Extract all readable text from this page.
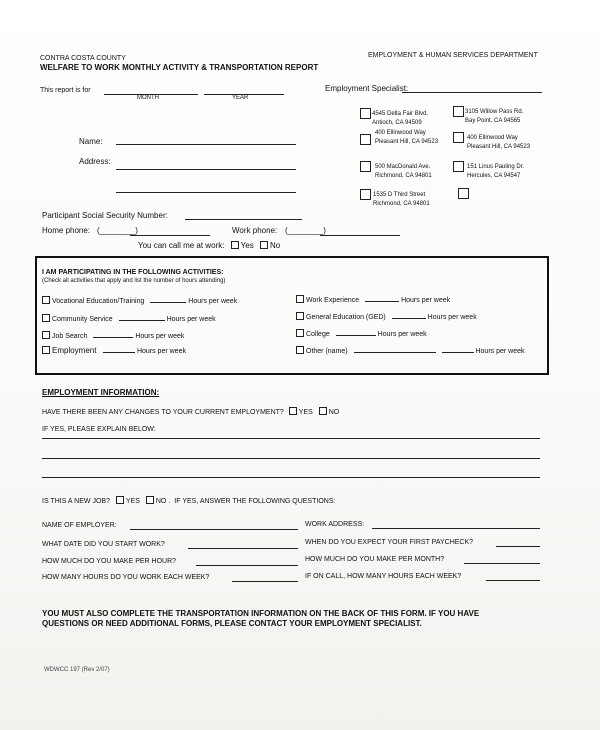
CONTRA COSTA COUNTY	EMPLOYMENT & HUMAN SERVICES DEPARTMENT
WELFARE TO WORK MONTHLY ACTIVITY & TRANSPORTATION REPORT
This report is for
MONTH	YEAR
Employment Specialist:
4545 Delta Fair Blvd.
Antioch, CA 94509
3105 Willow Pass Rd.
Bay Point, CA 94565
400 Ellinwood Way
Pleasant Hill, CA 94523
400 Ellinwood Way
Pleasant Hill, CA 94523
500 MacDonald Ave.
Richmond, CA 94801
151 Linus Pauling Dr.
Hercules, CA 94547
1535 D Third Street
Richmond, CA 94801
Name:
Address:
Participant Social Security Number:
Home phone: (________)	Work phone: (________)
You can call me at work: Yes No
I AM PARTICIPATING IN THE FOLLOWING ACTIVITIES:
(Check all activities that apply and list the number of hours attending)
Vocational Education/Training	Hours per week
Community Service	Hours per week
Job Search	Hours per week
Employment	Hours per week
Work Experience	Hours per week
General Education (GED)	Hours per week
College	Hours per week
Other (name)	Hours per week
EMPLOYMENT INFORMATION:
HAVE THERE BEEN ANY CHANGES TO YOUR CURRENT EMPLOYMENT? YES NO
IF YES, PLEASE EXPLAIN BELOW:
IS THIS A NEW JOB? YES NO . IF YES, ANSWER THE FOLLOWING QUESTIONS:
NAME OF EMPLOYER:
WHAT DATE DID YOU START WORK?
HOW MUCH DO YOU MAKE PER HOUR?
HOW MANY HOURS DO YOU WORK EACH WEEK?
WORK ADDRESS:
WHEN DO YOU EXPECT YOUR FIRST PAYCHECK?
HOW MUCH DO YOU MAKE PER MONTH?
IF ON CALL, HOW MANY HOURS EACH WEEK?
YOU MUST ALSO COMPLETE THE TRANSPORTATION INFORMATION ON THE BACK OF THIS FORM. IF YOU HAVE
QUESTIONS OR NEED ADDITIONAL FORMS, PLEASE CONTACT YOUR EMPLOYMENT SPECIALIST.
WDWCC 197 (Rev 2/07)
